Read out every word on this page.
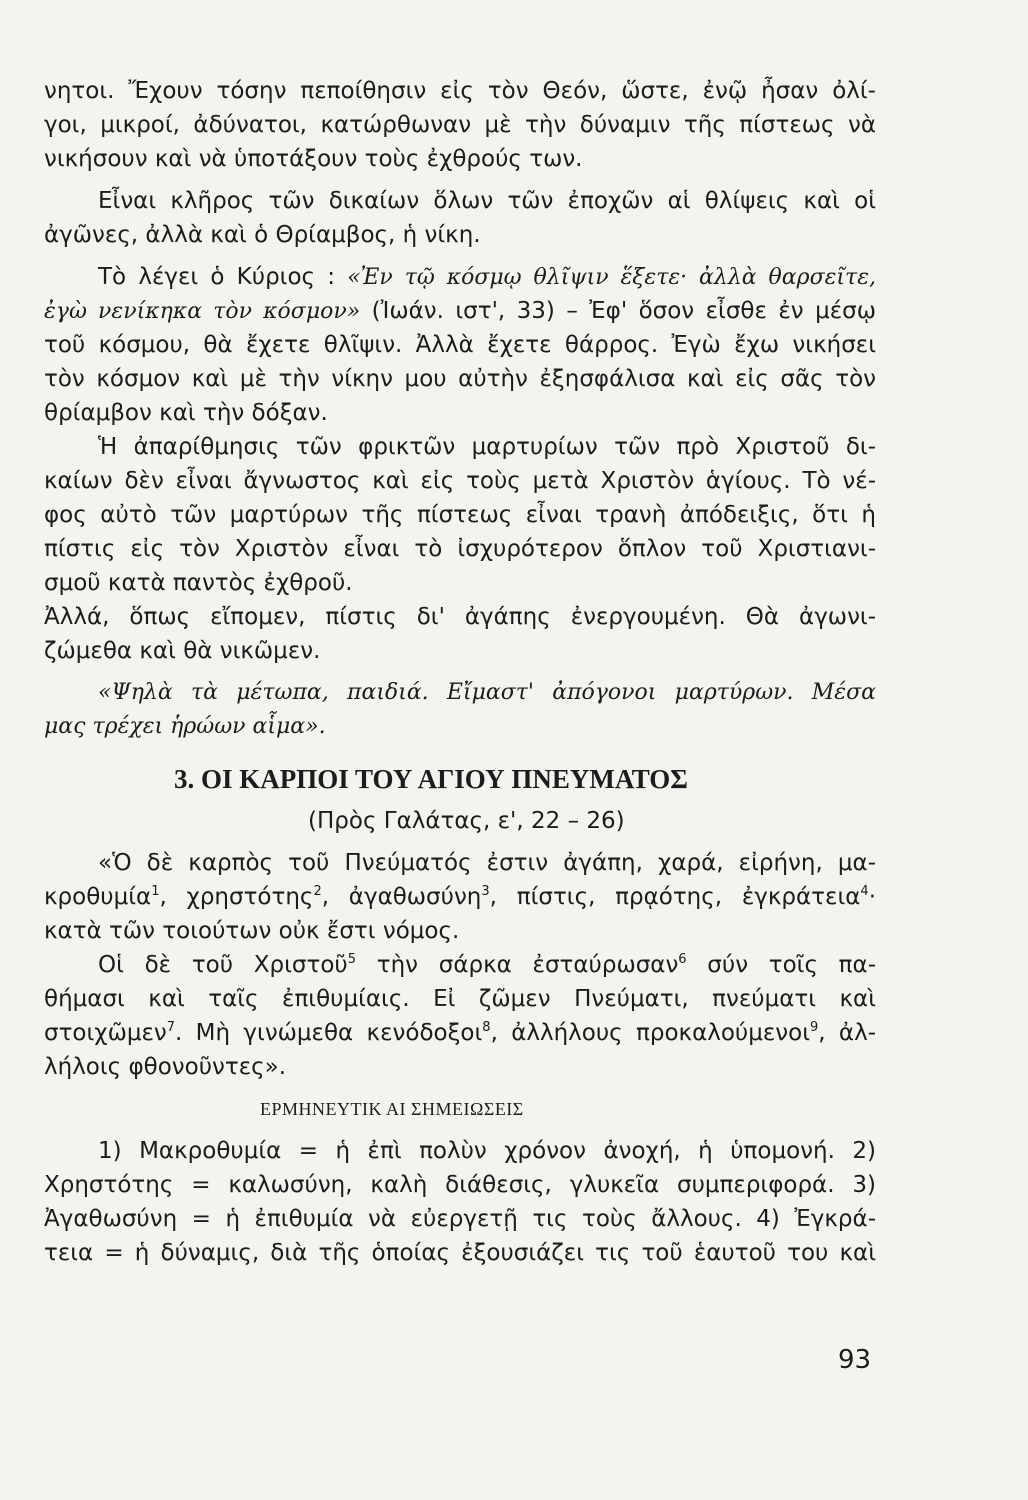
νητοι. Ἔχουν τόσην πεποίθησιν εἰς τὸν Θεόν, ὥστε, ἐνῷ ἦσαν ὀλί-
γοι, μικροί, ἀδύνατοι, κατώρθωναν μὲ τὴν δύναμιν τῆς πίστεως νὰ
νικήσουν καὶ νὰ ὑποτάξουν τοὺς ἐχθρούς των.
Εἶναι κλῆρος τῶν δικαίων ὅλων τῶν ἐποχῶν αἱ θλίψεις καὶ οἱ
ἀγῶνες, ἀλλὰ καὶ ὁ Θρίαμβος, ἡ νίκη.
Τὸ λέγει ὁ Κύριος : «Ἐν τῷ κόσμῳ θλῖψιν ἕξετε· ἀλλὰ θαρσεῖτε,
ἐγὼ νενίκηκα τὸν κόσμον» (Ἰωάν. ιστ', 33) – Ἐφ' ὅσον εἶσθε ἐν μέσῳ
τοῦ κόσμου, θὰ ἔχετε θλῖψιν. Ἀλλὰ ἔχετε θάρρος. Ἐγὼ ἔχω νικήσει
τὸν κόσμον καὶ μὲ τὴν νίκην μου αὐτὴν ἐξησφάλισα καὶ εἰς σᾶς τὸν
θρίαμβον καὶ τὴν δόξαν.
Ἡ ἀπαρίθμησις τῶν φρικτῶν μαρτυρίων τῶν πρὸ Χριστοῦ δι-
καίων δὲν εἶναι ἄγνωστος καὶ εἰς τοὺς μετὰ Χριστὸν ἁγίους. Τὸ νέ-
φος αὐτὸ τῶν μαρτύρων τῆς πίστεως εἶναι τρανὴ ἀπόδειξις, ὅτι ἡ
πίστις εἰς τὸν Χριστὸν εἶναι τὸ ἰσχυρότερον ὅπλον τοῦ Χριστιανι-
σμοῦ κατὰ παντὸς ἐχθροῦ.
Ἀλλά, ὅπως εἴπομεν, πίστις δι' ἀγάπης ἐνεργουμένη. Θὰ ἀγωνι-
ζώμεθα καὶ θὰ νικῶμεν.
«Ψηλὰ τὰ μέτωπα, παιδιά. Εἴμαστ' ἀπόγονοι μαρτύρων. Μέσα
μας τρέχει ἡρώων αἷμα».
3. ΟΙ ΚΑΡΠΟΙ ΤΟΥ ΑΓΙΟΥ ΠΝΕΥΜΑΤΟΣ
(Πρὸς Γαλάτας, ε', 22 – 26)
«Ὁ δὲ καρπὸς τοῦ Πνεύματός ἐστιν ἀγάπη, χαρά, εἰρήνη, μα-
κροθυμία$^1$, χρηστότης$^2$, ἀγαθωσύνη$^3$, πίστις, πρᾳότης, ἐγκράτεια$^4$·
κατὰ τῶν τοιούτων οὐκ ἔστι νόμος.
Οἱ δὲ τοῦ Χριστοῦ$^5$ τὴν σάρκα ἐσταύρωσαν$^6$ σύν τοῖς πα-
θήμασι καὶ ταῖς ἐπιθυμίαις. Εἰ ζῶμεν Πνεύματι, πνεύματι καὶ
στοιχῶμεν$^7$. Μὴ γινώμεθα κενόδοξοι$^8$, ἀλλήλους προκαλούμενοι$^9$, ἀλ-
λήλοις φθονοῦντες».
ΕΡΜΗΝΕΥΤΙΚ ΑΙ ΣΗΜΕΙΩΣΕΙΣ
1) Μακροθυμία = ἡ ἐπὶ πολὺν χρόνον ἀνοχή, ἡ ὑπομονή. 2)
Χρηστότης = καλωσύνη, καλὴ διάθεσις, γλυκεῖα συμπεριφορά. 3)
Ἀγαθωσύνη = ἡ ἐπιθυμία νὰ εὐεργετῇ τις τοὺς ἄλλους. 4) Ἐγκρά-
τεια = ἡ δύναμις, διὰ τῆς ὁποίας ἐξουσιάζει τις τοῦ ἑαυτοῦ του καὶ
93
